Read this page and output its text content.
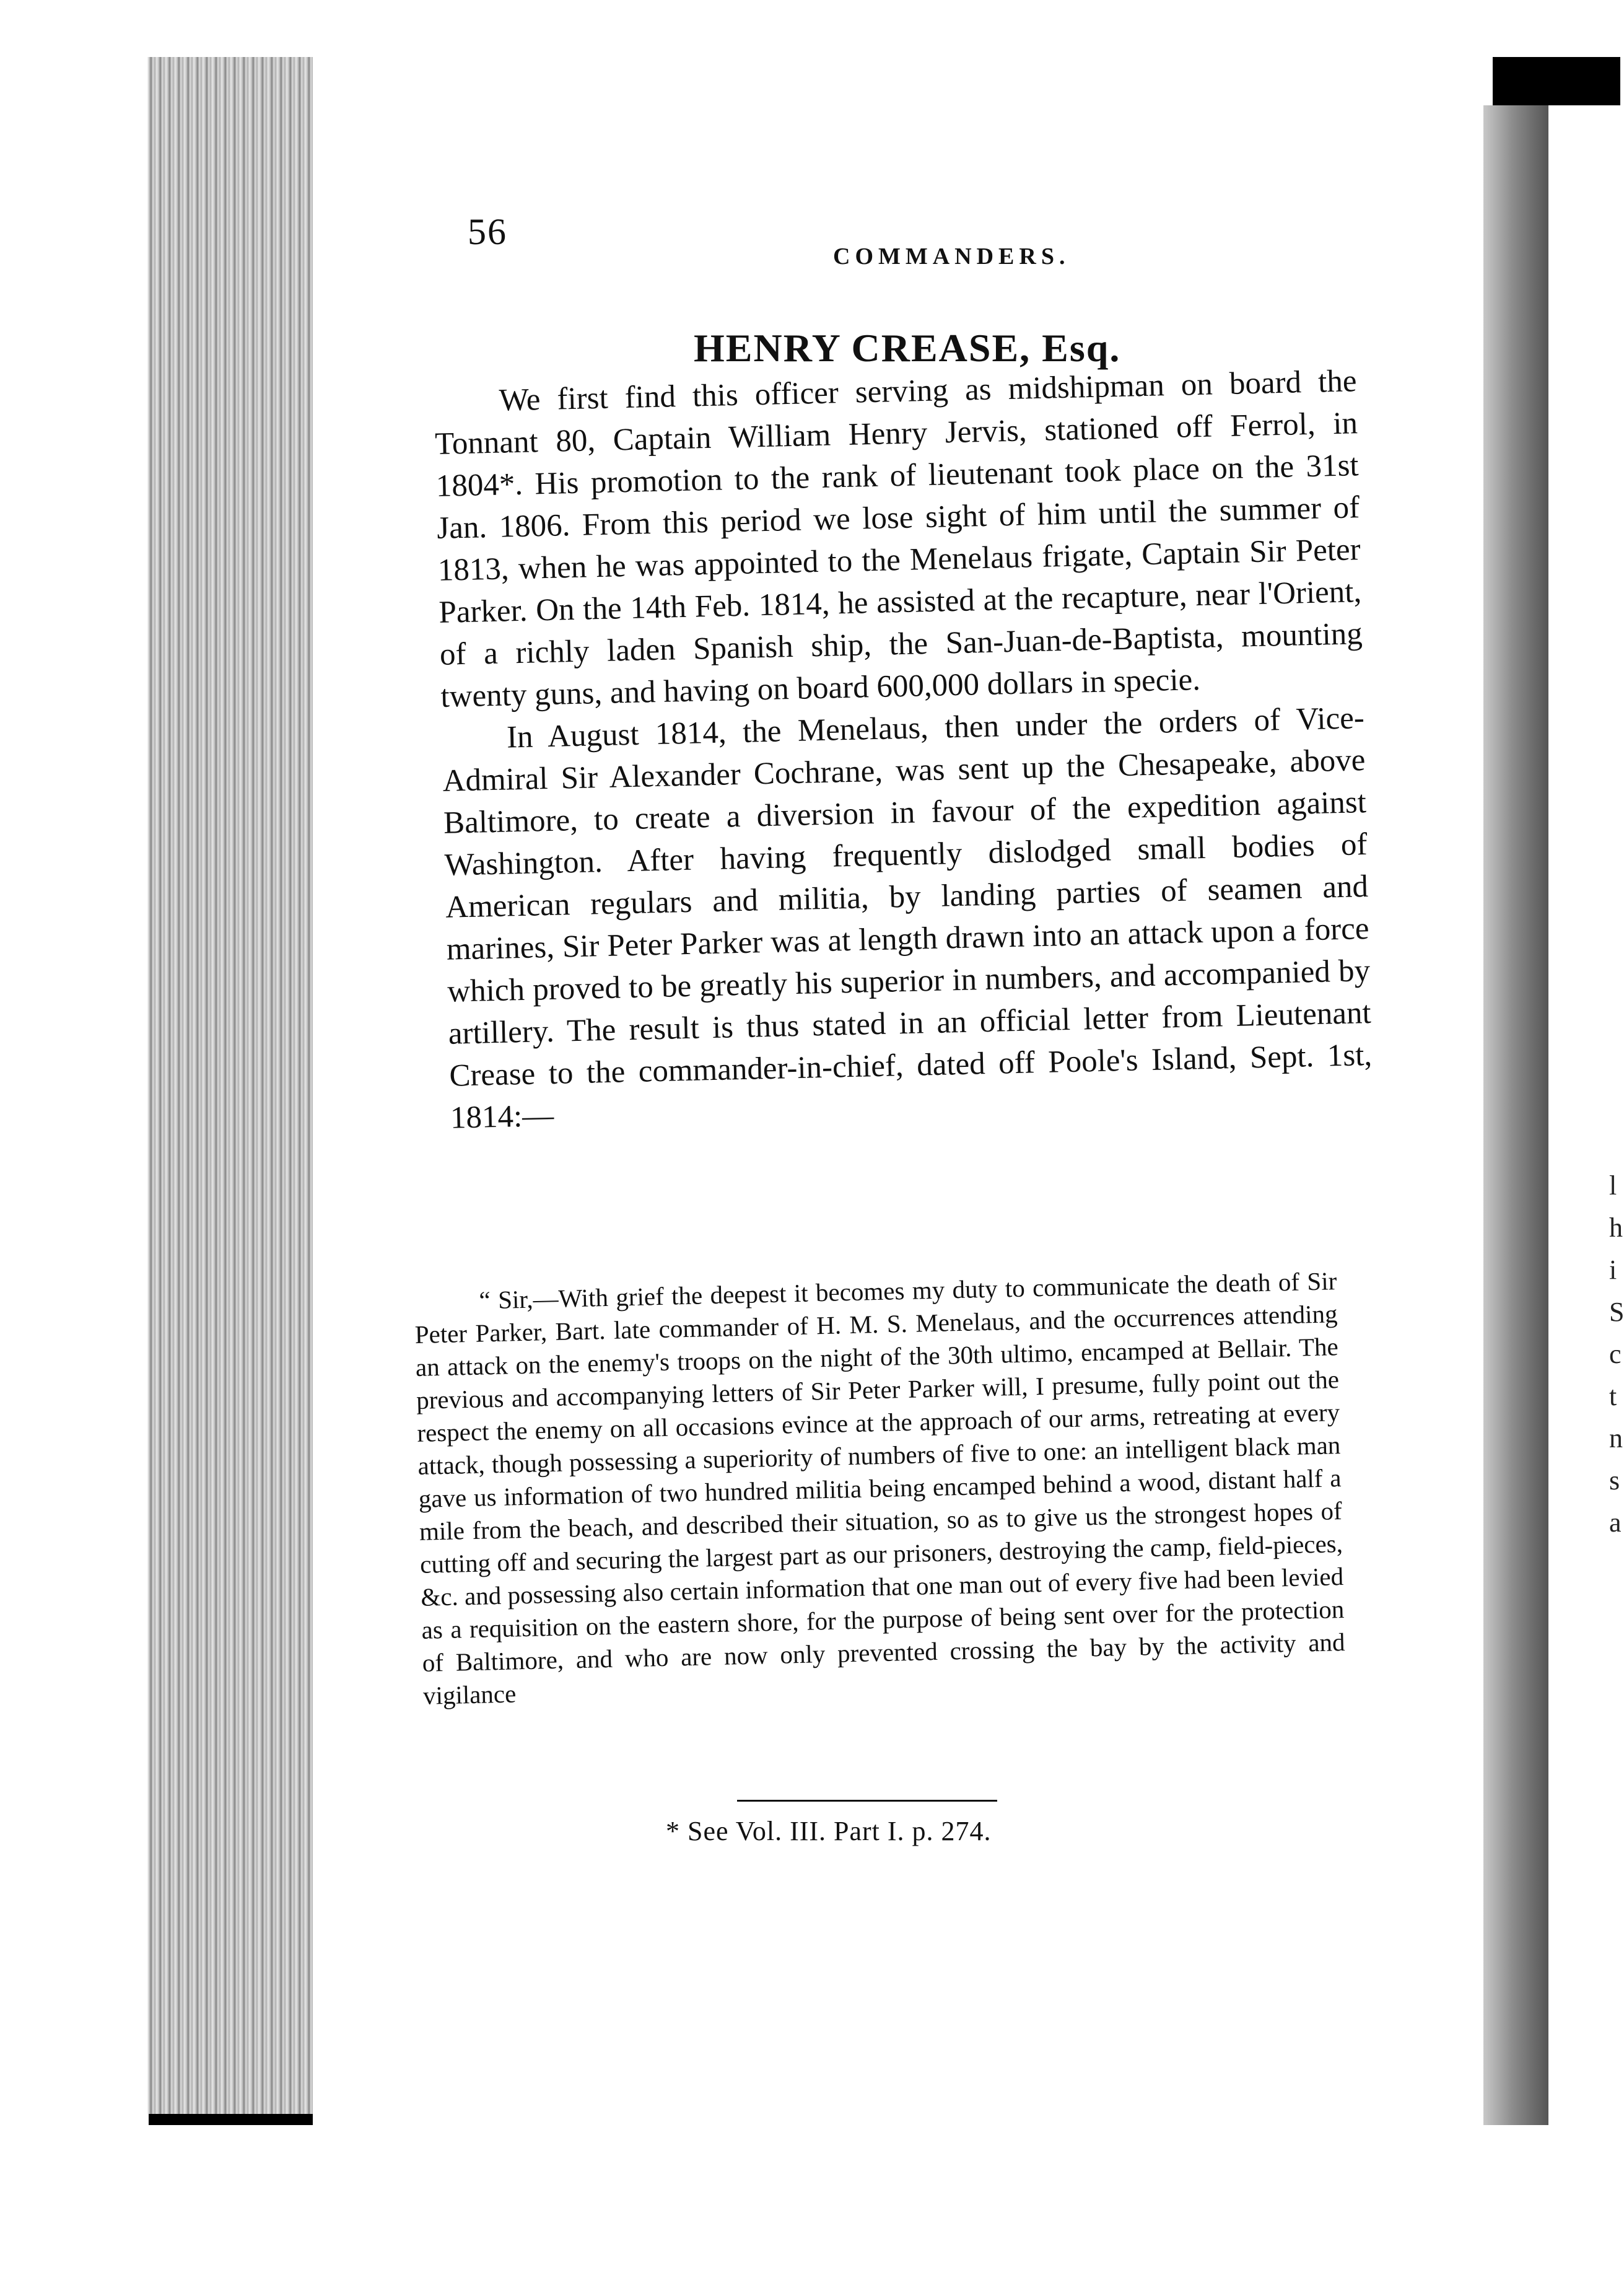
56
COMMANDERS.
HENRY CREASE, Esq.

We first find this officer serving as midshipman on board the Tonnant 80, Captain William Henry Jervis, stationed off Ferrol, in 1804*. His promotion to the rank of lieutenant took place on the 31st Jan. 1806. From this period we lose sight of him until the summer of 1813, when he was appointed to the Menelaus frigate, Captain Sir Peter Parker. On the 14th Feb. 1814, he assisted at the recapture, near l'Orient, of a richly laden Spanish ship, the San-Juan-de-Baptista, mounting twenty guns, and having on board 600,000 dollars in specie.

In August 1814, the Menelaus, then under the orders of Vice-Admiral Sir Alexander Cochrane, was sent up the Chesapeake, above Baltimore, to create a diversion in favour of the expedition against Washington. After having frequently dislodged small bodies of American regulars and militia, by landing parties of seamen and marines, Sir Peter Parker was at length drawn into an attack upon a force which proved to be greatly his superior in numbers, and accompanied by artillery. The result is thus stated in an official letter from Lieutenant Crease to the commander-in-chief, dated off Poole's Island, Sept. 1st, 1814:—

“ Sir,—With grief the deepest it becomes my duty to communicate the death of Sir Peter Parker, Bart. late commander of H. M. S. Menelaus, and the occurrences attending an attack on the enemy's troops on the night of the 30th ultimo, encamped at Bellair. The previous and accompanying letters of Sir Peter Parker will, I presume, fully point out the respect the enemy on all occasions evince at the approach of our arms, retreating at every attack, though possessing a superiority of numbers of five to one: an intelligent black man gave us information of two hundred militia being encamped behind a wood, distant half a mile from the beach, and described their situation, so as to give us the strongest hopes of cutting off and securing the largest part as our prisoners, destroying the camp, field-pieces, &c. and possessing also certain information that one man out of every five had been levied as a requisition on the eastern shore, for the purpose of being sent over for the protection of Baltimore, and who are now only prevented crossing the bay by the activity and vigilance

* See Vol. III. Part I. p. 274.
l h i S c t n s a
